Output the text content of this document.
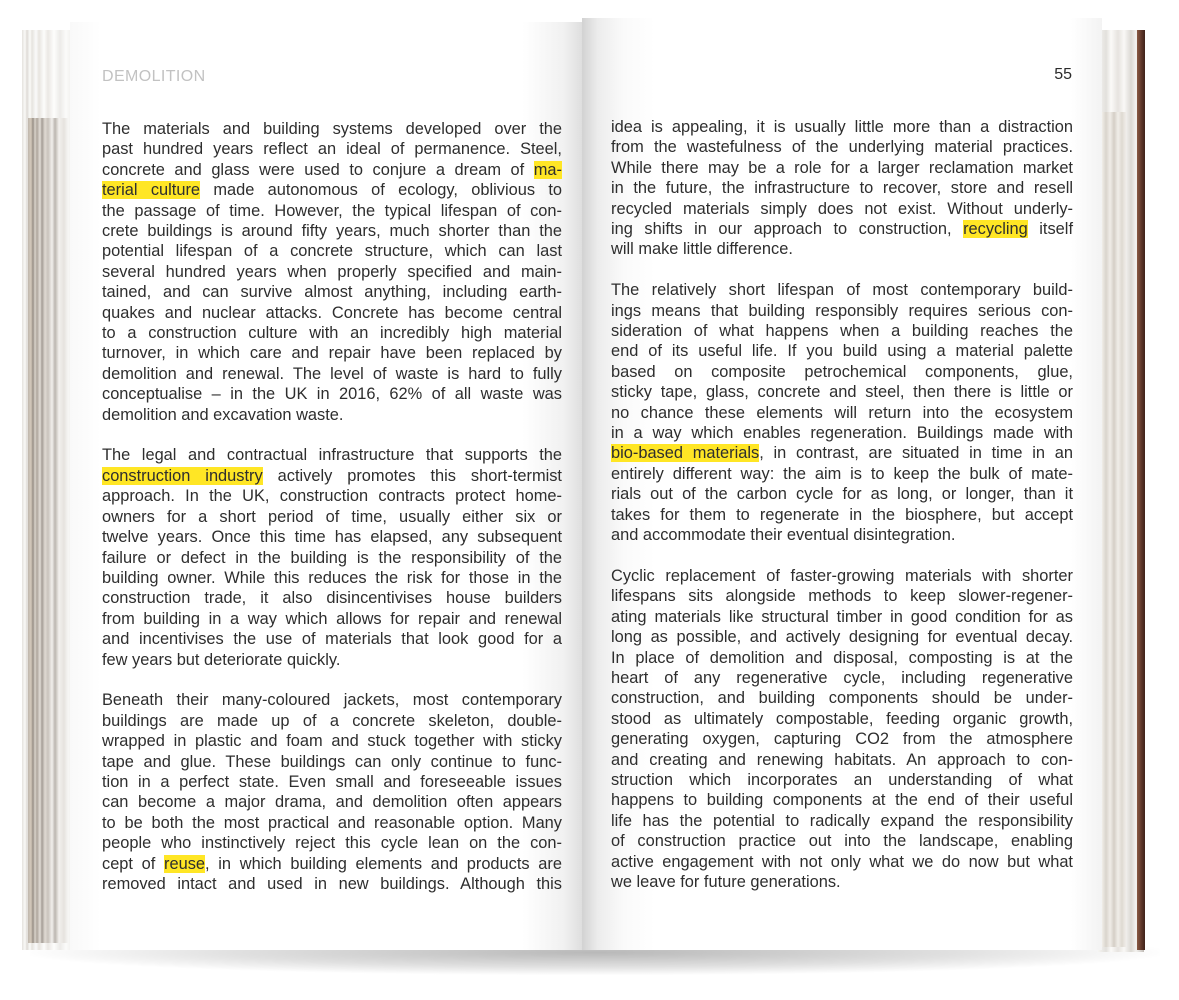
DEMOLITION	55
The materials and building systems developed over the
past hundred years reflect an ideal of permanence. Steel,
concrete and glass were used to conjure a dream of ma-
terial culture made autonomous of ecology, oblivious to
the passage of time. However, the typical lifespan of con-
crete buildings is around fifty years, much shorter than the
potential lifespan of a concrete structure, which can last
several hundred years when properly specified and main-
tained, and can survive almost anything, including earth-
quakes and nuclear attacks. Concrete has become central
to a construction culture with an incredibly high material
turnover, in which care and repair have been replaced by
demolition and renewal. The level of waste is hard to fully
conceptualise – in the UK in 2016, 62% of all waste was
demolition and excavation waste.
The legal and contractual infrastructure that supports the
construction industry actively promotes this short-termist
approach. In the UK, construction contracts protect home-
owners for a short period of time, usually either six or
twelve years. Once this time has elapsed, any subsequent
failure or defect in the building is the responsibility of the
building owner. While this reduces the risk for those in the
construction trade, it also disincentivises house builders
from building in a way which allows for repair and renewal
and incentivises the use of materials that look good for a
few years but deteriorate quickly.
Beneath their many-coloured jackets, most contemporary
buildings are made up of a concrete skeleton, double-
wrapped in plastic and foam and stuck together with sticky
tape and glue. These buildings can only continue to func-
tion in a perfect state. Even small and foreseeable issues
can become a major drama, and demolition often appears
to be both the most practical and reasonable option. Many
people who instinctively reject this cycle lean on the con-
cept of reuse, in which building elements and products are
removed intact and used in new buildings. Although this
idea is appealing, it is usually little more than a distraction
from the wastefulness of the underlying material practices.
While there may be a role for a larger reclamation market
in the future, the infrastructure to recover, store and resell
recycled materials simply does not exist. Without underly-
ing shifts in our approach to construction, recycling itself
will make little difference.
The relatively short lifespan of most contemporary build-
ings means that building responsibly requires serious con-
sideration of what happens when a building reaches the
end of its useful life. If you build using a material palette
based on composite petrochemical components, glue,
sticky tape, glass, concrete and steel, then there is little or
no chance these elements will return into the ecosystem
in a way which enables regeneration. Buildings made with
bio-based materials, in contrast, are situated in time in an
entirely different way: the aim is to keep the bulk of mate-
rials out of the carbon cycle for as long, or longer, than it
takes for them to regenerate in the biosphere, but accept
and accommodate their eventual disintegration.
Cyclic replacement of faster-growing materials with shorter
lifespans sits alongside methods to keep slower-regener-
ating materials like structural timber in good condition for as
long as possible, and actively designing for eventual decay.
In place of demolition and disposal, composting is at the
heart of any regenerative cycle, including regenerative
construction, and building components should be under-
stood as ultimately compostable, feeding organic growth,
generating oxygen, capturing CO2 from the atmosphere
and creating and renewing habitats. An approach to con-
struction which incorporates an understanding of what
happens to building components at the end of their useful
life has the potential to radically expand the responsibility
of construction practice out into the landscape, enabling
active engagement with not only what we do now but what
we leave for future generations.
